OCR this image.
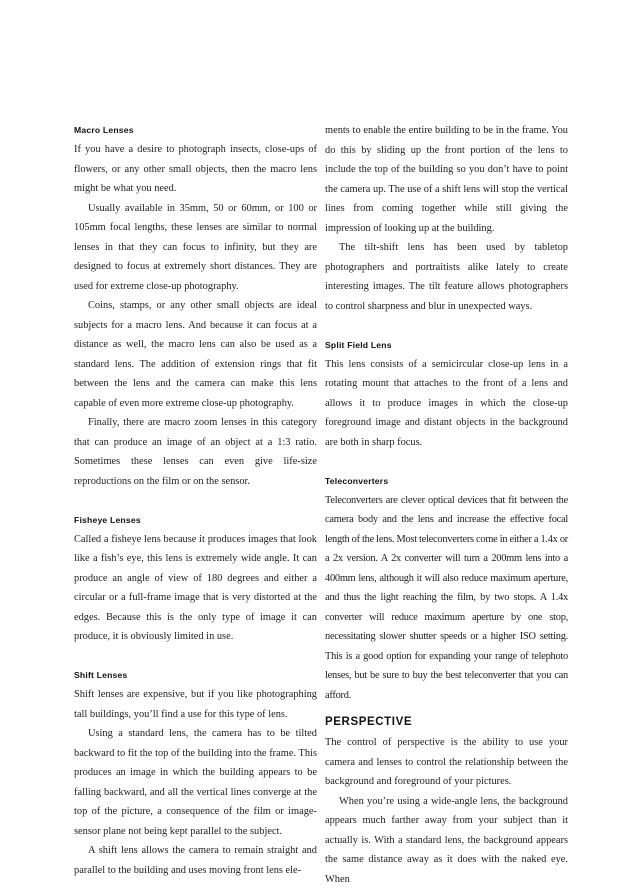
Macro Lenses

If you have a desire to photograph insects, close-ups of flowers, or any other small objects, then the macro lens might be what you need.

Usually available in 35mm, 50 or 60mm, or 100 or 105mm focal lengths, these lenses are similar to normal lenses in that they can focus to infinity, but they are designed to focus at extremely short distances. They are used for extreme close-up photography.

Coins, stamps, or any other small objects are ideal subjects for a macro lens. And because it can focus at a distance as well, the macro lens can also be used as a standard lens. The addition of extension rings that fit between the lens and the camera can make this lens capable of even more extreme close-up photography.

Finally, there are macro zoom lenses in this category that can produce an image of an object at a 1:3 ratio. Sometimes these lenses can even give life-size reproductions on the film or on the sensor.

Fisheye Lenses

Called a fisheye lens because it produces images that look like a fish’s eye, this lens is extremely wide angle. It can produce an angle of view of 180 degrees and either a circular or a full-frame image that is very distorted at the edges. Because this is the only type of image it can produce, it is obviously limited in use.

Shift Lenses

Shift lenses are expensive, but if you like photographing tall buildings, you’ll find a use for this type of lens.

Using a standard lens, the camera has to be tilted backward to fit the top of the building into the frame. This produces an image in which the building appears to be falling backward, and all the vertical lines converge at the top of the picture, a consequence of the film or image-sensor plane not being kept parallel to the subject.

A shift lens allows the camera to remain straight and parallel to the building and uses moving front lens ele-

ments to enable the entire building to be in the frame. You do this by sliding up the front portion of the lens to include the top of the building so you don’t have to point the camera up. The use of a shift lens will stop the vertical lines from coming together while still giving the impression of looking up at the building.

The tilt-shift lens has been used by tabletop photographers and portraitists alike lately to create interesting images. The tilt feature allows photographers to control sharpness and blur in unexpected ways.

Split Field Lens

This lens consists of a semicircular close-up lens in a rotating mount that attaches to the front of a lens and allows it to produce images in which the close-up foreground image and distant objects in the background are both in sharp focus.

Teleconverters

Teleconverters are clever optical devices that fit between the camera body and the lens and increase the effective focal length of the lens. Most teleconverters come in either a 1.4x or a 2x version. A 2x converter will turn a 200mm lens into a 400mm lens, although it will also reduce maximum aperture, and thus the light reaching the film, by two stops. A 1.4x converter will reduce maximum aperture by one stop, necessitating slower shutter speeds or a higher ISO setting. This is a good option for expanding your range of telephoto lenses, but be sure to buy the best teleconverter that you can afford.

PERSPECTIVE

The control of perspective is the ability to use your camera and lenses to control the relationship between the background and foreground of your pictures.

When you’re using a wide-angle lens, the background appears much farther away from your subject than it actually is. With a standard lens, the background appears the same distance away as it does with the naked eye. When
